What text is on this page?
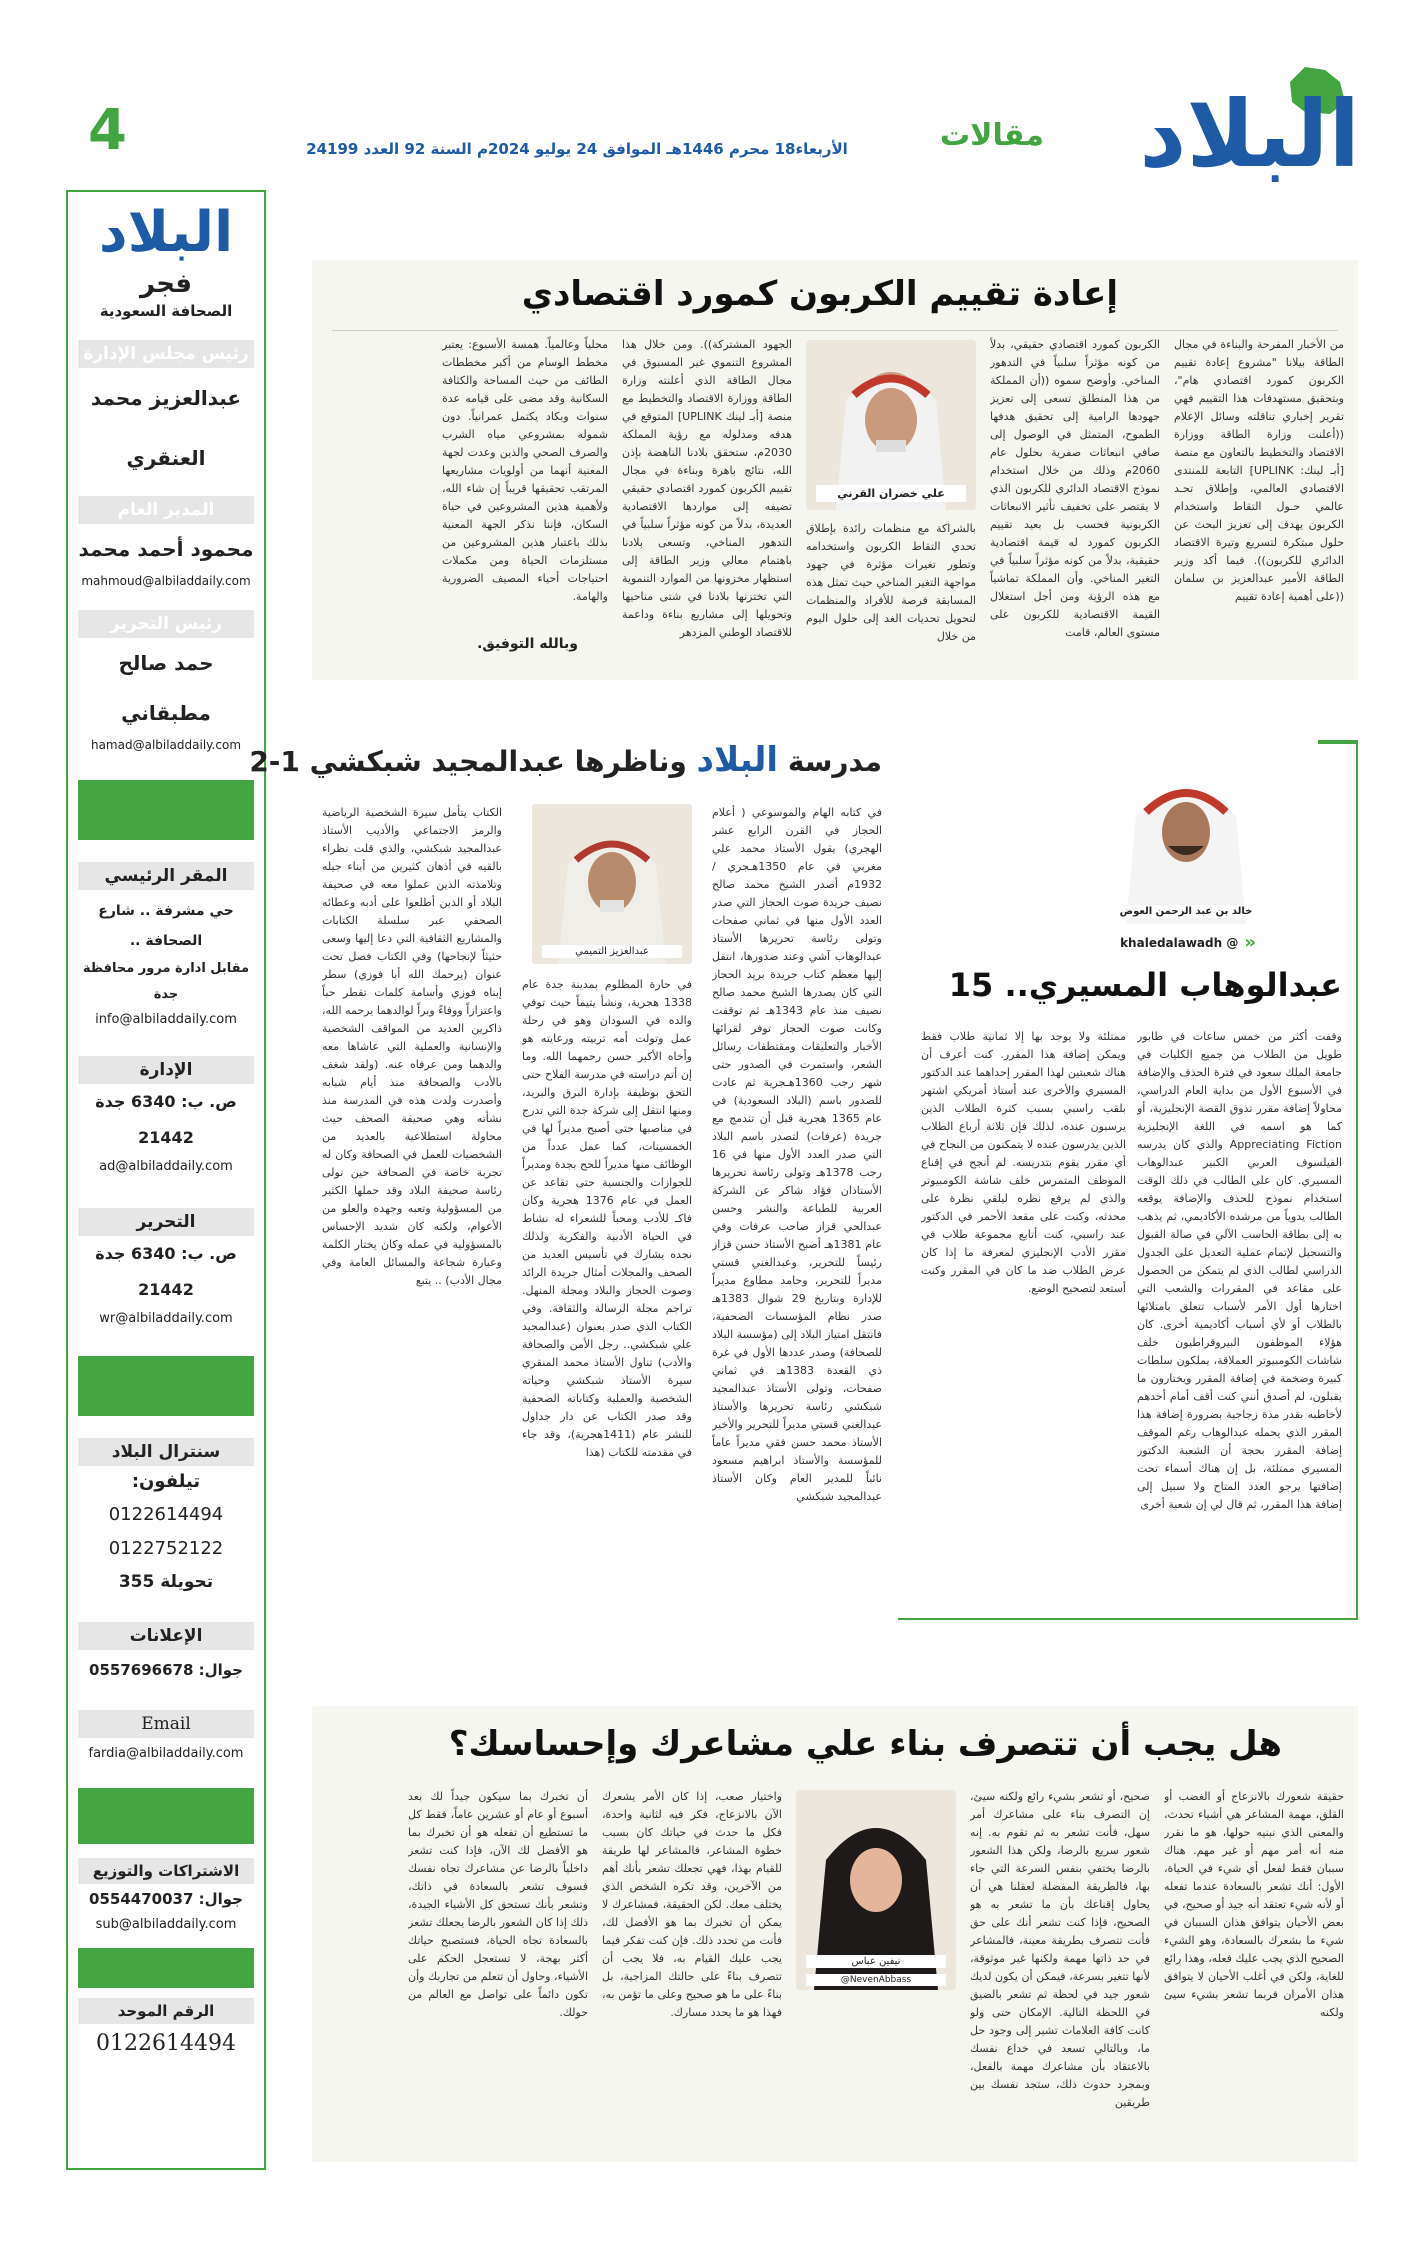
البلاد
مقالات
الأربعاء18 محرم 1446هـ الموافق 24 يوليو 2024م السنة 92 العدد 24199
4
البلاد
فجر
الصحافة السعودية
رئيس مجلس الإدارة
عبدالعزيز محمد العنقري
المدير العام
محمود أحمد محمد
mahmoud@albiladdaily.com
رئيس التحرير
حمد صالح مطبقاني
hamad@albiladdaily.com
المقر الرئيسي
حي مشرفة .. شارع الصحافة ..
مقابل ادارة مرور محافظة جدة
info@albiladdaily.com
الإدارة
ص. ب: 6340 جدة 21442
ad@albiladdaily.com
التحرير
ص. ب: 6340 جدة 21442
wr@albiladdaily.com
سنترال البلاد
تيلفون:
0122614494
0122752122
تحويلة 355
الإعلانات
جوال: 0557696678
Email
fardia@albiladdaily.com
الاشتراكات والتوزيع
جوال: 0554470037
sub@albiladdaily.com
الرقم الموحد
0122614494
إعادة تقييم الكربون كمورد اقتصادي
من الأخبار المفرحة والبناءة في مجال الطاقة بيلانا "مشروع إعادة تقييم الكربون كمورد اقتصادي هام"، وبتحقيق مستهدفات هذا التقييم فهي تقرير إخباري تناقلته وسائل الإعلام ((أعلنت وزارة الطاقة ووزارة الاقتصاد والتخطيط بالتعاون مع منصة [أبـ لينك: UPLINK] التابعة للمنتدى الاقتصادي العالمي، وإطلاق تحـد عالمي حـول التقاط واستخدام الكربون يهدف إلى تعزيز البحث عن حلول مبتكرة لتسريع وتيرة الاقتصاد الدائري للكربون)). فيما أكد وزير الطاقة الأمير عبدالعزيز بن سلمان ((على أهمية إعادة تقييم
الكربون كمورد اقتصادي حقيقي، بدلاً من كونه مؤثراً سلبياً في التدهور المناخي. وأوضح سموه ((أن المملكة من هذا المنطلق تسعى إلى تعزيز جهودها الرامية إلى تحقيق هدفها الطموح، المتمثل في الوصول إلى صافي انبعاثات صفرية بحلول عام 2060م وذلك من خلال استخدام نموذج الاقتصاد الدائري للكربون الذي لا يقتصر على تخفيف تأثير الانبعاثات الكربونية فحسب بل بعيد تقييم الكربون كمورد له قيمة اقتصادية حقيقية، بدلاً من كونه مؤثراً سلبياً في التغير المناخي. وأن المملكة تماشياً مع هذه الرؤية ومن أجل استغلال القيمة الاقتصادية للكربون على مستوى العالم، قامت
علي خضران القرني
بالشراكة مع منظمات رائدة بإطلاق تحدي التقاط الكربون واستخدامه وتطور تغيرات مؤثرة في جهود مواجهة التغير المناخي حيث تمثل هذه المسابقة فرصة للأفراد والمنظمات لتحويل تحديات الغد إلى حلول اليوم من خلال
الجهود المشتركة)). ومن خلال هذا المشروع التنموي غير المسبوق في مجال الطاقة الذي أعلنته وزارة الطاقة ووزارة الاقتصاد والتخطيط مع منصة [أبـ لينك UPLINK] المتوقع في هدفه ومدلوله مع رؤية المملكة 2030م، ستحقق بلادنا الناهضة بإذن الله، نتائج باهرة وبناءة في مجال تقييم الكربون كمورد اقتصادي حقيقي تضيفه إلى مواردها الاقتصادية العديدة، بدلاً من كونه مؤثراً سلبياً في التدهور المناخي، وتسعى بلادنا باهتمام معالي وزير الطاقة إلى استظهار مخزونها من الموارد التنموية التي تختزنها بلادنا في شتى مناحيها وتحويلها إلى مشاريع بناءة وداعمة للاقتصاد الوطني المزدهر
محلياً وعالمياً. همسة الأسبوع: يعتبر مخطط الوسام من أكبر مخططات الطائف من حيث المساحة والكثافة السكانية وقد مضى على قيامه عدة سنوات وبكاد يكتمل عمرانياً. دون شموله بمشروعي مياه الشرب والصرف الصحي والذين وعدت لجهة المعنية أنهما من أولويات مشاريعها المرتقب تحقيقها قريباً إن شاء الله، ولأهمية هذين المشروعين في حياة السكان، فإننا نذكر الجهة المعنية بذلك باعتبار هذين المشروعين من مستلزمات الحياة ومن مكملات احتياجات أحياء المصيف الضرورية والهامة.
وبالله التوفيق.
مدرسة البلاد وناظرها عبدالمجيد شبكشي 1-2
في كتابه الهام والموسوعي ( أعلام الحجاز في القرن الرابع عشر الهجري) يقول الأستاذ محمد علي مغربي في عام 1350هـجري / 1932م أصدر الشيخ محمد صالح نصيف جريدة صوت الحجاز التي صدر العدد الأول منها في ثماني صفحات وتولى رئاسة تحريرها الأستاذ عبدالوهاب آشي وعند صدورها، انتقل إليها معظم كتاب جريدة بريد الحجاز التي كان يصدرها الشيخ محمد صالح نصيف منذ عام 1343هـ ثم توقفت وكانت صوت الحجاز توفر لقرائها الأخبار والتعليقات ومقتطفات رسائل الشعر، واستمرت في الصدور حتى شهر رجب 1360هـجرية ثم عادت للصدور باسم (البلاد السعودية) في عام 1365 هجرية قبل أن تندمج مع جريدة (عرفات) لتصدر باسم البلاد التي صدر العدد الأول منها في 16 رجب 1378هـ وتولى رئاسة تحريرها الأستاذان فؤاد شاكر عن الشركة العربية للطباعة والنشر وحسن عبدالحي قزاز صاحب عرفات وفي عام 1381هـ أصبح الأستاذ حسن قزاز رئيساً للتحرير، وعبدالغني قستي مديراً للتحرير، وحامد مطاوع مديراً للإدارة وبتاريخ 29 شوال 1383هـ صدر نظام المؤسسات الصحفية، فانتقل امتياز البلاد إلى (مؤسسة البلاد للصحافة) وصدر عددها الأول في غرة ذي القعدة 1383هـ في ثماني صفحات، وتولى الأستاذ عبدالمجيد شبكشي رئاسة تحريرها والأستاذ عبدالغني قستي مديراً للتحرير والأخير الأستاذ محمد حسن فقي مديراً عاماً للمؤسسة والأستاذ ابراهيم مسعود نائباً للمدير العام وكان الأستاذ عبدالمجيد شبكشي
عبدالعزيز التميمي
في حارة المظلوم بمدينة جدة عام 1338 هجرية، ونشأ يتيماً حيث توفي والده في السودان وهو في رحلة عمل وتولت أمه تربيته ورعايته هو وأخاه الأكبر حسن رحمهما الله. وما إن أتم دراسته في مدرسة الفلاح حتى التحق بوظيفة بإدارة البرق والبريد، ومنها انتقل إلى شركة جدة التي تدرج في مناصبها حتى أصبح مديراً لها في الخمسينات، كما عمل عدداً من الوظائف منها مديراً للحج بجدة ومديراً للجوازات والجنسية حتى تقاعد عن العمل في عام 1376 هجرية وكان فاكـ للأدب ومحباً للشعراء له نشاط في الحياة الأدبية والفكرية ولذلك نجده يشارك في تأسيس العديد من الصحف والمجلات أمثال جريدة الرائد وصوت الحجاز والبلاد ومجلة المنهل. تراجم مجلة الرسالة والثقافة. وفي الكتاب الذي صدر بعنوان (عبدالمجيد علي شبكشي.. رجل الأمن والصحافة والأدب) تناول الأستاذ محمد المنقري سيرة الأستاذ شبكشي وحياته الشخصية والعملية وكتاباته الصحفية وقد صدر الكتاب عن دار جداول للنشر عام (1411هجرية)، وقد جاء في مقدمته للكتاب (هذا
الكتاب يتأمل سيرة الشخصية الرياضية والرمز الاجتماعي والأديب الأستاذ عبدالمجيد شبكشي، والذي قلت نظراء بالقيه في أذهان كثيرين من أبناء جيله وتلامذته الذين عملوا معه في صحيفة البلاد أو الذين أطلعوا على أدبه وعطائه الصحفي عبر سلسلة الكتابات والمشاريع الثقافية التي دعا إليها وسعى حثيثاً لإنجاحها) وفي الكتاب فصل تحت عنوان (يرحمك الله أبا فوزي) سطر إبناه فوزي وأسامة كلمات تقطر حباً واعتزازاً ووفاءً وبراً لوالدهما يرحمه الله، ذاكرين العديد من المواقف الشخصية والإنسانية والعملية التي عاشاها معه والدهما ومن عرفاه عنه. (ولقد شغف بالأدب والصحافة منذ أيام شبابه وأصدرت ولدت هذه في المدرسة منذ نشأته وهي صحيفة الصحف حيث محاولة استطلاعية بالعديد من الشخصيات للعمل في الصحافة وكان له تجربة خاصة في الصحافة حين تولى رئاسة صحيفة البلاد وقد حملها الكثير من المسؤولية وتعبه وجهده والعلو من الأعوام، ولكنه كان شديد الإحساس بالمسؤولية في عمله وكان يختار الكلمة وعبارة شجاعة والمسائل العامة وفي مجال الأدب) .. يتبع
خالد بن عبد الرحمن العوض
«
@ khaledalawadh
عبدالوهاب المسيري.. 15
وقفت أكثر من خمس ساعات في طابور طويل من الطلاب من جميع الكليات في جامعة الملك سعود في فترة الحذف والإضافة في الأسبوع الأول من بداية العام الدراسي، محاولاً إضافة مقرر تذوق القصة الإنجليزية، أو كما هو اسمه في اللغة الإنجليزية Appreciating Fiction والذي كان يدرسه الفيلسوف العربي الكبير عبدالوهاب المسيري. كان على الطالب في ذلك الوقت استخدام نموذج للحذف والإضافة يوقعه الطالب يدوياً من مرشده الأكاديمي، ثم يذهب به إلى بطاقة الحاسب الآلي في صالة القبول والتسجيل لإتمام عملية التعديل على الجدول الدراسي لطالب الذي لم يتمكن من الحصول على مقاعد في المقررات والشعب التي اختارها أول الأمر لأسباب تتعلق بامتلائها بالطلاب أو لأي أسباب أكاديمية أخرى. كان هؤلاء الموظفون البيروقراطيون خلف شاشات الكومبيوتر العملاقة، يملكون سلطات كبيرة وضخمة في إضافة المقرر ويختارون ما يقبلون، لم أصدق أنني كنت أقف أمام أحدهم لأخاطبه بقدر مدة زجاجية بضرورة إضافة هذا المقرر الذي يحمله عبدالوهاب رغم الموقف إضافة المقرر بحجة أن الشعبة الدكتور المسيري ممتلئة، بل إن هناك أسماء تحت إضافتها يرجو العدد المتاح ولا سبيل إلى إضافة هذا المقرر، ثم قال لي إن شعبة أخرى
ممتلئة ولا يوجد بها إلا ثمانية طلاب فقط ويمكن إضافة هذا المقرر. كنت أعرف أن هناك شعبتين لهذا المقرر إحداهما عند الدكتور المسيري والأخرى عند أستاذ أمريكي اشتهر بلقب راسبي بسبب كثرة الطلاب الذين يرسبون عنده، لذلك فإن ثلاثة أرباع الطلاب الذين يدرسون عنده لا يتمكنون من النجاح في أي مقرر يقوم بتدريسه. لم أنجح في إقناع الموظف المتمرس خلف شاشة الكومبيوتر والذي لم يرفع نظره ليلقي نظرة على محدثه، وكنت على مقعد الأحمر في الدكتور عند راسبي، كنت أتابع مجموعة طلاب في مقرر الأدب الإنجليزي لمعرفة ما إذا كان عرض الطلاب ضد ما كان في المقرر وكنت أستعد لتصحيح الوضع.
هل يجب أن تتصرف بناء علي مشاعرك وإحساسك؟
حقيقة شعورك بالانزعاج أو الغضب أو القلق، مهمة المشاعر هي أشياء تحدث، والمعنى الذي نبنيه حولها، هو ما نقرر منه أنه أمر مهم أو غير مهم. هناك سببان فقط لفعل أي شيء في الحياة، الأول: أنك تشعر بالسعادة عندما تفعله أو لأنه شيء تعتقد أنه جيد أو صحيح، في بعض الأحيان يتوافق هذان السببان في شيء ما بشعرك بالسعادة، وهو الشيء الصحيح الذي يجب عليك فعله، وهذا رائع للغاية، ولكن في أغلب الأحيان لا يتوافق هذان الأمران فربما تشعر بشيء سيئ ولكنه
صحيح، أو تشعر بشيء رائع ولكنه سيئ، إن التصرف بناء على مشاعرك أمر سهل، فأنت تشعر به ثم تقوم به. إنه شعور سريع بالرضا، ولكن هذا الشعور بالرضا يختفي بنفس السرعة التي جاء بها، فالطريقة المفضلة لعقلنا هي أن يحاول إقناعك بأن ما تشعر به هو الصحيح، فإذا كنت تشعر أنك على حق فأنت تتصرف بطريقة معينة، فالمشاعر في حد ذاتها مهمة ولكنها غير موثوقة، لأنها تتغير بسرعة، فيمكن أن يكون لديك شعور جيد في لحظة ثم تشعر بالضيق في اللحظة التالية. الإمكان حتى ولو كانت كافة العلامات تشير إلى وجود حل ما، وبالتالي تسعد في خداع نفسك بالاعتقاد بأن مشاعرك مهمة بالفعل، وبمجرد حدوث ذلك، ستجد نفسك بين طريقين
نيفين عباس
@NevenAbbass
واختيار صعب، إذا كان الأمر يشعرك الآن بالانزعاج، فكر فيه لثانية واحدة، فكل ما حدث في حياتك كان بسبب خطوة المشاعر، فالمشاعر لها طريقة للقيام بهذا، فهي تجعلك تشعر بأنك أهم من الآخرين، وقد تكره الشخص الذي يختلف معك. لكن الحقيقة، فمشاعرك لا يمكن أن تخبرك بما هو الأفضل لك، فأنت من تحدد ذلك. فإن كنت تفكر فيما يجب عليك القيام به، فلا يجب أن تتصرف بناءً على حالتك المزاجية، بل بناءً على ما هو صحيح وعلى ما تؤمن به، فهذا هو ما يحدد مسارك.
أن تخبرك بما سيكون جيداً لك بعد أسبوع أو عام أو عشرين عاماً، فقط كل ما تستطيع أن تفعله هو أن تخبرك بما هو الأفضل لك الآن، فإذا كنت تشعر داخلياً بالرضا عن مشاعرك تجاه نفسك فسوف تشعر بالسعادة في ذاتك، وتشعر بأنك تستحق كل الأشياء الجيدة، ذلك إذا كان الشعور بالرضا يجعلك تشعر بالسعادة تجاه الحياة، فستصبح حياتك أكثر بهجة، لا تستعجل الحكم على الأشياء، وحاول أن تتعلم من تجاربك وأن تكون دائماً على تواصل مع العالم من حولك.
